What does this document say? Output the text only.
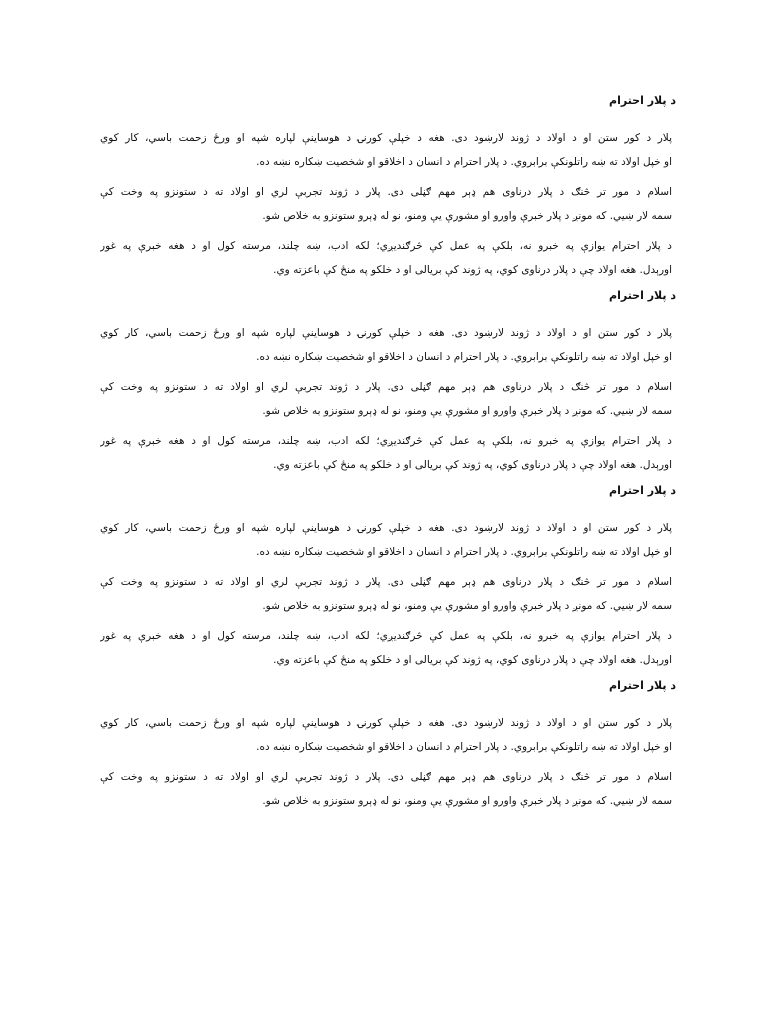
د پلار احترام
پلار د کور ستن او د اولاد د ژوند لارښود دی. هغه د خپلې کورنۍ د هوساینې لپاره شپه او ورځ زحمت باسي، کار کوي
او خپل اولاد ته ښه راتلونکې برابروي. د پلار احترام د انسان د اخلاقو او شخصیت ښکاره نښه ده.
اسلام د مور تر څنګ د پلار درناوی هم ډېر مهم ګڼلی دی. پلار د ژوند تجربې لري او اولاد ته د ستونزو په وخت کې
سمه لار ښيي. که مونږ د پلار خبرې واورو او مشورې یې ومنو، نو له ډېرو ستونزو به خلاص شو.
د پلار احترام یوازې په خبرو نه، بلکې په عمل کې څرګندیږي؛ لکه ادب، ښه چلند، مرسته کول او د هغه خبرې په غور
اورېدل. هغه اولاد چې د پلار درناوی کوي، په ژوند کې بریالی او د خلکو په منځ کې باعزته وي.
د پلار احترام
پلار د کور ستن او د اولاد د ژوند لارښود دی. هغه د خپلې کورنۍ د هوساینې لپاره شپه او ورځ زحمت باسي، کار کوي
او خپل اولاد ته ښه راتلونکې برابروي. د پلار احترام د انسان د اخلاقو او شخصیت ښکاره نښه ده.
اسلام د مور تر څنګ د پلار درناوی هم ډېر مهم ګڼلی دی. پلار د ژوند تجربې لري او اولاد ته د ستونزو په وخت کې
سمه لار ښيي. که مونږ د پلار خبرې واورو او مشورې یې ومنو، نو له ډېرو ستونزو به خلاص شو.
د پلار احترام یوازې په خبرو نه، بلکې په عمل کې څرګندیږي؛ لکه ادب، ښه چلند، مرسته کول او د هغه خبرې په غور
اورېدل. هغه اولاد چې د پلار درناوی کوي، په ژوند کې بریالی او د خلکو په منځ کې باعزته وي.
د پلار احترام
پلار د کور ستن او د اولاد د ژوند لارښود دی. هغه د خپلې کورنۍ د هوساینې لپاره شپه او ورځ زحمت باسي، کار کوي
او خپل اولاد ته ښه راتلونکې برابروي. د پلار احترام د انسان د اخلاقو او شخصیت ښکاره نښه ده.
اسلام د مور تر څنګ د پلار درناوی هم ډېر مهم ګڼلی دی. پلار د ژوند تجربې لري او اولاد ته د ستونزو په وخت کې
سمه لار ښيي. که مونږ د پلار خبرې واورو او مشورې یې ومنو، نو له ډېرو ستونزو به خلاص شو.
د پلار احترام یوازې په خبرو نه، بلکې په عمل کې څرګندیږي؛ لکه ادب، ښه چلند، مرسته کول او د هغه خبرې په غور
اورېدل. هغه اولاد چې د پلار درناوی کوي، په ژوند کې بریالی او د خلکو په منځ کې باعزته وي.
د پلار احترام
پلار د کور ستن او د اولاد د ژوند لارښود دی. هغه د خپلې کورنۍ د هوساینې لپاره شپه او ورځ زحمت باسي، کار کوي
او خپل اولاد ته ښه راتلونکې برابروي. د پلار احترام د انسان د اخلاقو او شخصیت ښکاره نښه ده.
اسلام د مور تر څنګ د پلار درناوی هم ډېر مهم ګڼلی دی. پلار د ژوند تجربې لري او اولاد ته د ستونزو په وخت کې
سمه لار ښيي. که مونږ د پلار خبرې واورو او مشورې یې ومنو، نو له ډېرو ستونزو به خلاص شو.
